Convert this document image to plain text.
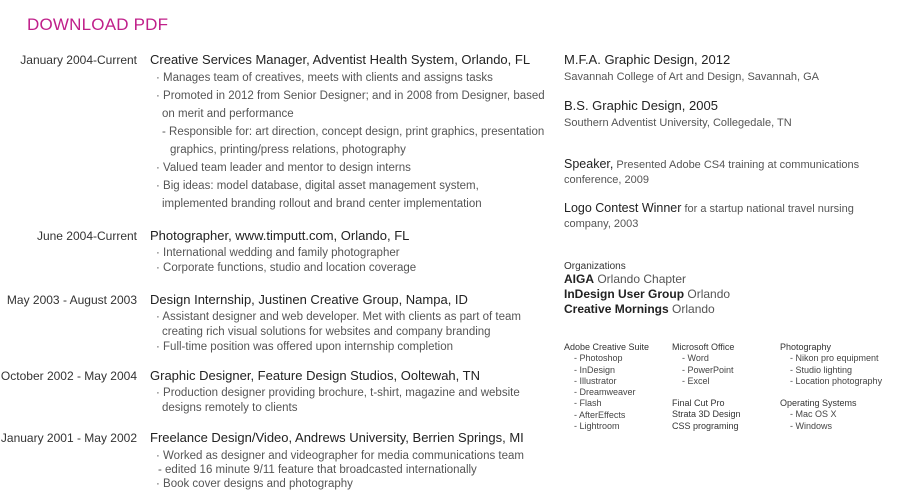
DOWNLOAD PDF
January 2004-Current Creative Services Manager, Adventist Health System, Orlando, FL
· Manages team of creatives, meets with clients and assigns tasks
· Promoted in 2012 from Senior Designer; and in 2008 from Designer, based
on merit and performance
- Responsible for: art direction, concept design, print graphics, presentation
graphics, printing/press relations, photography
· Valued team leader and mentor to design interns
· Big ideas: model database, digital asset management system,
implemented branding rollout and brand center implementation
June 2004-Current Photographer, www.timputt.com, Orlando, FL
· International wedding and family photographer
· Corporate functions, studio and location coverage
May 2003 - August 2003 Design Internship, Justinen Creative Group, Nampa, ID
· Assistant designer and web developer. Met with clients as part of team
creating rich visual solutions for websites and company branding
· Full-time position was offered upon internship completion
October 2002 - May 2004 Graphic Designer, Feature Design Studios, Ooltewah, TN
· Production designer providing brochure, t-shirt, magazine and website
designs remotely to clients
January 2001 - May 2002 Freelance Design/Video, Andrews University, Berrien Springs, MI
· Worked as designer and videographer for media communications team
- edited 16 minute 9/11 feature that broadcasted internationally
· Book cover designs and photography
M.F.A. Graphic Design, 2012
Savannah College of Art and Design, Savannah, GA
B.S. Graphic Design, 2005
Southern Adventist University, Collegedale, TN
Speaker, Presented Adobe CS4 training at communications
conference, 2009
Logo Contest Winner for a startup national travel nursing
company, 2003
Organizations
AIGA Orlando Chapter
InDesign User Group Orlando
Creative Mornings Orlando
Adobe Creative Suite
- Photoshop
- InDesign
- Illustrator
- Dreamweaver
- Flash
- AfterEffects
- Lightroom
Microsoft Office
- Word
- PowerPoint
- Excel
Final Cut Pro
Strata 3D Design
CSS programing
Photography
- Nikon pro equipment
- Studio lighting
- Location photography
Operating Systems
- Mac OS X
- Windows
